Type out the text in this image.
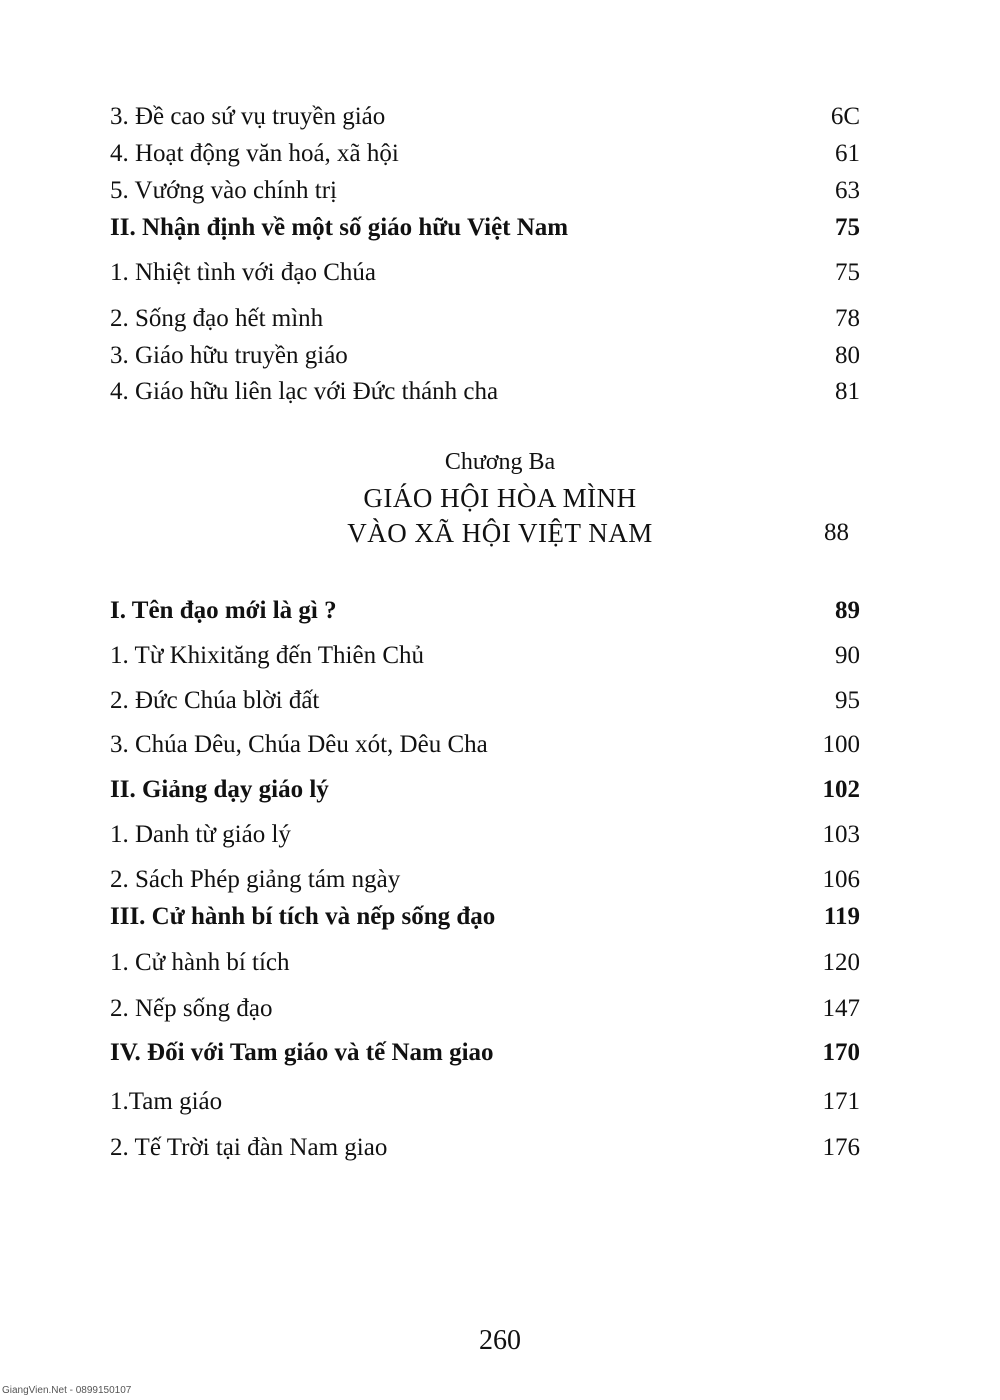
3. Đề cao sứ vụ truyền giáo	6C
4. Hoạt động văn hoá, xã hội	61
5. Vướng vào chính trị	63
II. Nhận định về một số giáo hữu Việt Nam	75
1. Nhiệt tình với đạo Chúa	75
2. Sống đạo hết mình	78
3. Giáo hữu truyền giáo	80
4. Giáo hữu liên lạc với Đức thánh cha	81
Chương Ba
GIÁO HỘI HÒA MÌNH
VÀO XÃ HỘI VIỆT NAM	88
I. Tên đạo mới là gì ?	89
1. Từ Khixităng đến Thiên Chủ	90
2. Đức Chúa blời đất	95
3. Chúa Dêu, Chúa Dêu xót, Dêu Cha	100
II. Giảng dạy giáo lý	102
1. Danh từ giáo lý	103
2. Sách Phép giảng tám ngày	106
III. Cử hành bí tích và nếp sống đạo	119
1. Cử hành bí tích	120
2. Nếp sống đạo	147
IV. Đối với Tam giáo và tế Nam giao	170
1.Tam giáo	171
2. Tế Trời tại đàn Nam giao	176
260
GiangVien.Net - 0899150107
